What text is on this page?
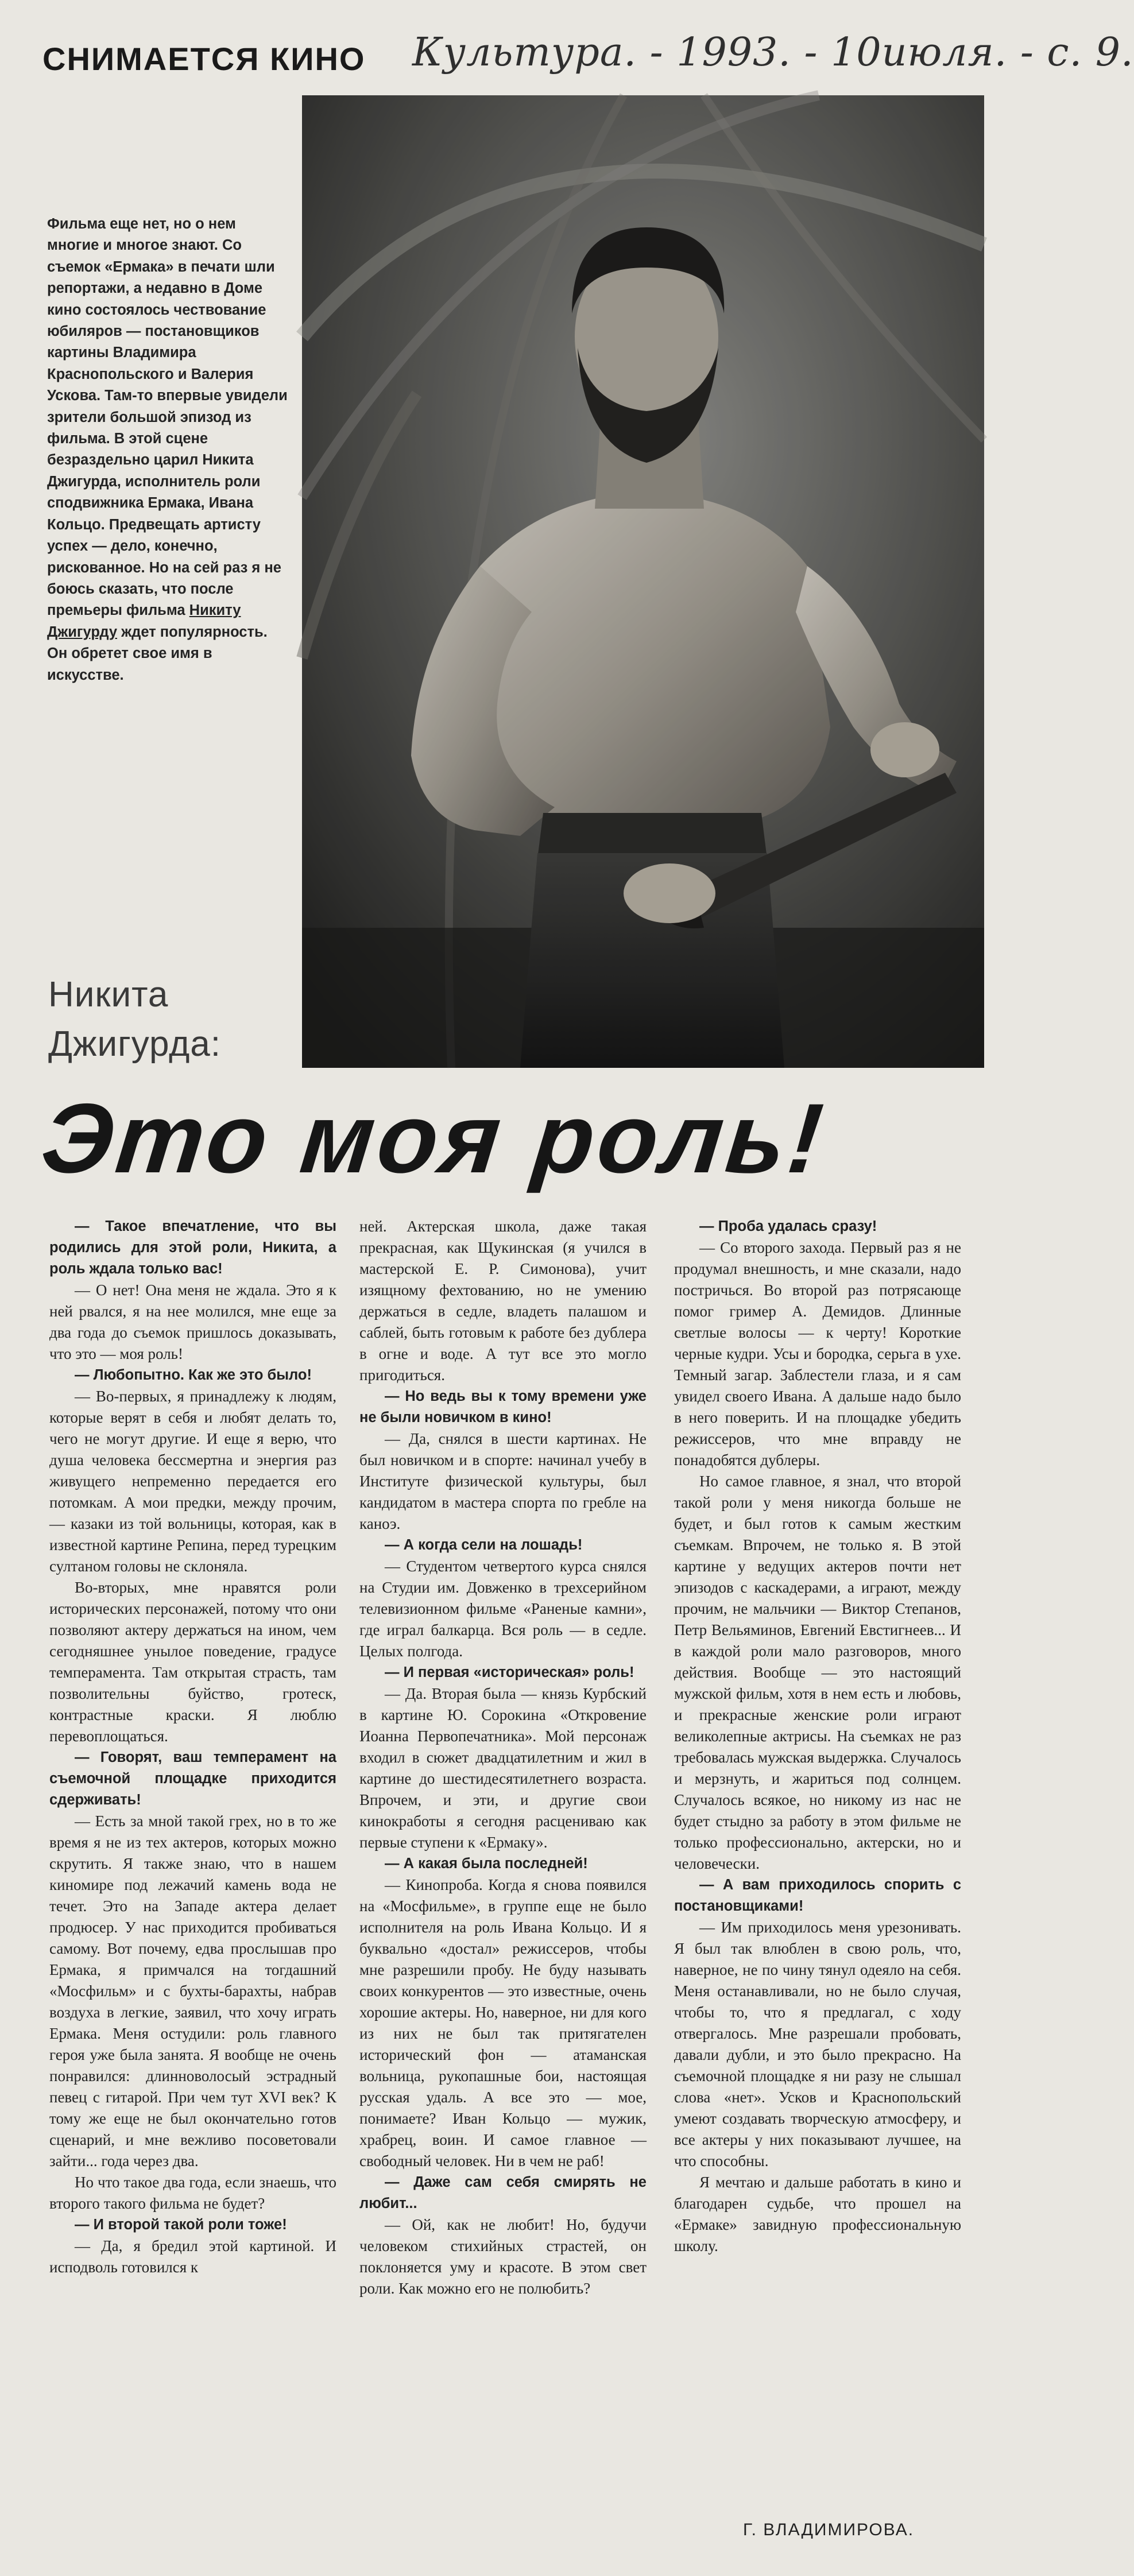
СНИМАЕТСЯ КИНО Культура. - 1993. - 10июля. - с. 9.
Фильма еще нет, но о нем многие и многое знают. Со съемок «Ермака» в печати шли репортажи, а недавно в Доме кино состоялось чествование юбиляров — постановщиков картины Владимира Краснопольского и Валерия Ускова. Там-то впервые увидели зрители большой эпизод из фильма. В этой сцене безраздельно царил Никита Джигурда, исполнитель роли сподвижника Ермака, Ивана Кольцо. Предвещать артисту успех — дело, конечно, рискованное. Но на сей раз я не боюсь сказать, что после премьеры фильма Никиту Джигурду ждет популярность. Он обретет свое имя в искусстве.
Никита
Джигурда:
Это моя роль!

— Такое впечатление, что вы родились для этой роли, Никита, а роль ждала только вас!

— О нет! Она меня не ждала. Это я к ней рвался, я на нее молился, мне еще за два года до съемок пришлось доказывать, что это — моя роль!

— Любопытно. Как же это было!

— Во-первых, я принадлежу к людям, которые верят в себя и любят делать то, чего не могут другие. И еще я верю, что душа человека бессмертна и энергия раз живущего непременно передается его потомкам. А мои предки, между прочим, — казаки из той вольницы, которая, как в известной картине Репина, перед турецким султаном головы не склоняла.

Во-вторых, мне нравятся роли исторических персонажей, потому что они позволяют актеру держаться на ином, чем сегодняшнее унылое поведение, градусе темперамента. Там открытая страсть, там позволительны буйство, гротеск, контрастные краски. Я люблю перевоплощаться.

— Говорят, ваш темперамент на съемочной площадке приходится сдерживать!

— Есть за мной такой грех, но в то же время я не из тех актеров, которых можно скрутить. Я также знаю, что в нашем киномире под лежачий камень вода не течет. Это на Западе актера делает продюсер. У нас приходится пробиваться самому. Вот почему, едва прослышав про Ермака, я примчался на тогдашний «Мосфильм» и с бухты-барахты, набрав воздуха в легкие, заявил, что хочу играть Ермака. Меня остудили: роль главного героя уже была занята. Я вообще не очень понравился: длинноволосый эстрадный певец с гитарой. При чем тут XVI век? К тому же еще не был окончательно готов сценарий, и мне вежливо посоветовали зайти... года через два.

Но что такое два года, если знаешь, что второго такого фильма не будет?

— И второй такой роли тоже!

— Да, я бредил этой картиной. И исподволь готовился к

ней. Актерская школа, даже такая прекрасная, как Щукинская (я учился в мастерской Е. Р. Симонова), учит изящному фехтованию, но не умению держаться в седле, владеть палашом и саблей, быть готовым к работе без дублера в огне и воде. А тут все это могло пригодиться.

— Но ведь вы к тому времени уже не были новичком в кино!

— Да, снялся в шести картинах. Не был новичком и в спорте: начинал учебу в Институте физической культуры, был кандидатом в мастера спорта по гребле на каноэ.

— А когда сели на лошадь!

— Студентом четвертого курса снялся на Студии им. Довженко в трехсерийном телевизионном фильме «Раненые камни», где играл балкарца. Вся роль — в седле. Целых полгода.

— И первая «историческая» роль!

— Да. Вторая была — князь Курбский в картине Ю. Сорокина «Откровение Иоанна Первопечатника». Мой персонаж входил в сюжет двадцатилетним и жил в картине до шестидесятилетнего возраста. Впрочем, и эти, и другие свои кинокработы я сегодня расцениваю как первые ступени к «Ермаку».

— А какая была последней!

— Кинопроба. Когда я снова появился на «Мосфильме», в группе еще не было исполнителя на роль Ивана Кольцо. И я буквально «достал» режиссеров, чтобы мне разрешили пробу. Не буду называть своих конкурентов — это известные, очень хорошие актеры. Но, наверное, ни для кого из них не был так притягателен исторический фон — атаманская вольница, рукопашные бои, настоящая русская удаль. А все это — мое, понимаете? Иван Кольцо — мужик, храбрец, воин. И самое главное — свободный человек. Ни в чем не раб!

— Даже сам себя смирять не любит...

— Ой, как не любит! Но, будучи человеком стихийных страстей, он поклоняется уму и красоте. В этом свет роли. Как можно его не полюбить?

— Проба удалась сразу!

— Со второго захода. Первый раз я не продумал внешность, и мне сказали, надо постричься. Во второй раз потрясающе помог гример А. Демидов. Длинные светлые волосы — к черту! Короткие черные кудри. Усы и бородка, серьга в ухе. Темный загар. Заблестели глаза, и я сам увидел своего Ивана. А дальше надо было в него поверить. И на площадке убедить режиссеров, что мне вправду не понадобятся дублеры.

Но самое главное, я знал, что второй такой роли у меня никогда больше не будет, и был готов к самым жестким съемкам. Впрочем, не только я. В этой картине у ведущих актеров почти нет эпизодов с каскадерами, а играют, между прочим, не мальчики — Виктор Степанов, Петр Вельяминов, Евгений Евстигнеев... И в каждой роли мало разговоров, много действия. Вообще — это настоящий мужской фильм, хотя в нем есть и любовь, и прекрасные женские роли играют великолепные актрисы. На съемках не раз требовалась мужская выдержка. Случалось и мерзнуть, и жариться под солнцем. Случалось всякое, но никому из нас не будет стыдно за работу в этом фильме не только профессионально, актерски, но и человечески.

— А вам приходилось спорить с постановщиками!

— Им приходилось меня урезонивать. Я был так влюблен в свою роль, что, наверное, не по чину тянул одеяло на себя. Меня останавливали, но не было случая, чтобы то, что я предлагал, с ходу отвергалось. Мне разрешали пробовать, давали дубли, и это было прекрасно. На съемочной площадке я ни разу не слышал слова «нет». Усков и Краснопольский умеют создавать творческую атмосферу, и все актеры у них показывают лучшее, на что способны.

Я мечтаю и дальше работать в кино и благодарен судьбе, что прошел на «Ермаке» завидную профессиональную школу.

Г. ВЛАДИМИРОВА.
